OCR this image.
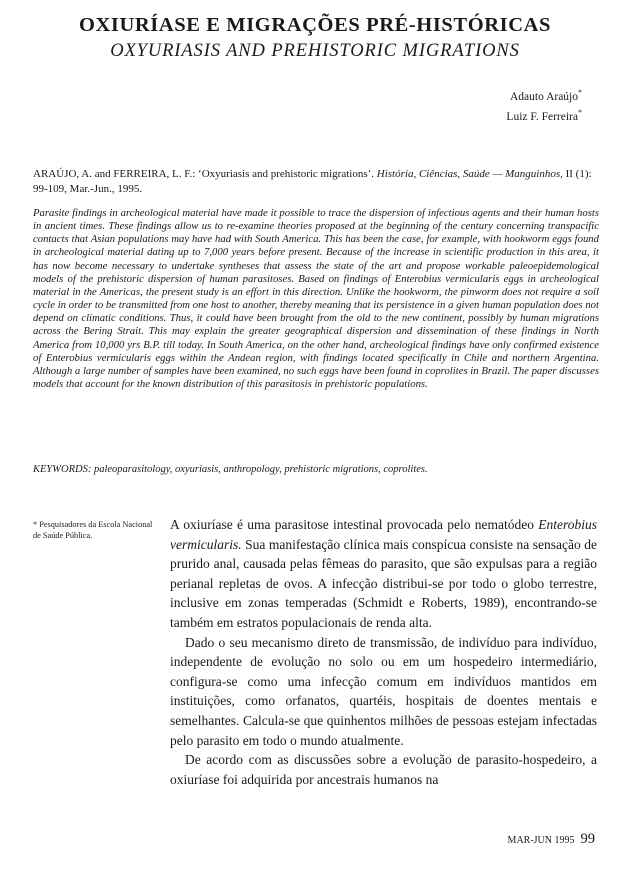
OXIURÍASE E MIGRAÇÕES PRÉ-HISTÓRICAS
OXYURIASIS AND PREHISTORIC MIGRATIONS
Adauto Araújo*
Luiz F. Ferreira*
ARAÚJO, A. and FERREIRA, L. F.: ‘Oxyuriasis and prehistoric migrations’. História, Ciências, Saúde — Manguinhos, II (1): 99-109, Mar.-Jun., 1995.
Parasite findings in archeological material have made it possible to trace the dispersion of infectious agents and their human hosts in ancient times. These findings allow us to re-examine theories proposed at the beginning of the century concerning transpacific contacts that Asian populations may have had with South America. This has been the case, for example, with hookworm eggs found in archeological material dating up to 7,000 years before present. Because of the increase in scientific production in this area, it has now become necessary to undertake syntheses that assess the state of the art and propose workable paleoepidemological models of the prehistoric dispersion of human parasitoses. Based on findings of Enterobius vermicularis eggs in archeological material in the Americas, the present study is an effort in this direction. Unlike the hookworm, the pinworm does not require a soil cycle in order to be transmitted from one host to another, thereby meaning that its persistence in a given human population does not depend on climatic conditions. Thus, it could have been brought from the old to the new continent, possibly by human migrations across the Bering Strait. This may explain the greater geographical dispersion and dissemination of these findings in North America from 10,000 yrs B.P. till today. In South America, on the other hand, archeological findings have only confirmed existence of Enterobius vermicularis eggs within the Andean region, with findings located specifically in Chile and northern Argentina. Although a large number of samples have been examined, no such eggs have been found in coprolites in Brazil. The paper discusses models that account for the known distribution of this parasitosis in prehistoric populations.
KEYWORDS: paleoparasitology, oxyuriasis, anthropology, prehistoric migrations, coprolites.
* Pesquisadores da Escola Nacional de Saúde Pública.

A oxiuríase é uma parasitose intestinal provocada pelo nematódeo Enterobius vermicularis. Sua manifestação clínica mais conspícua consiste na sensação de prurido anal, causada pelas fêmeas do parasito, que são expulsas para a região perianal repletas de ovos. A infecção distribui-se por todo o globo terrestre, inclusive em zonas temperadas (Schmidt e Roberts, 1989), encontrando-se também em estratos populacionais de renda alta.

Dado o seu mecanismo direto de transmissão, de indivíduo para indivíduo, independente de evolução no solo ou em um hospedeiro intermediário, configura-se como uma infecção comum em indivíduos mantidos em instituições, como orfanatos, quartéis, hospitais de doentes mentais e semelhantes. Calcula-se que quinhentos milhões de pessoas estejam infectadas pelo parasito em todo o mundo atualmente.

De acordo com as discussões sobre a evolução de parasito-hospedeiro, a oxiuríase foi adquirida por ancestrais humanos na

MAR-JUN 1995 99
